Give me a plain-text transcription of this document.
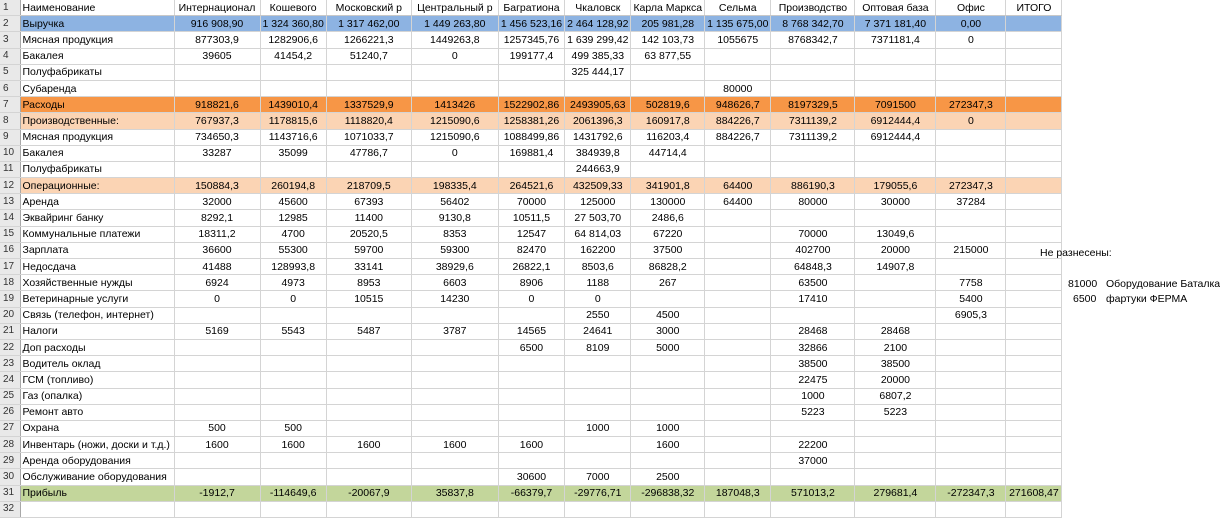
1	Наименование	Интернационал	Кошевого	Московский р	Центральный р	Багратиона	Чкаловск	Карла Маркса	Сельма	Производство	Оптовая база	Офис	ИТОГО
2	Выручка	916 908,90	1 324 360,80	1 317 462,00	1 449 263,80	1 456 523,16	2 464 128,92	205 981,28	1 135 675,00	8 768 342,70	7 371 181,40	0,00	
3	Мясная продукция	877303,9	1282906,6	1266221,3	1449263,8	1257345,76	1 639 299,42	142 103,73	1055675	8768342,7	7371181,4	0	
4	Бакалея	39605	41454,2	51240,7	0	199177,4	499 385,33	63 877,55					
5	Полуфабрикаты						325 444,17						
6	Субаренда								80000				
7	Расходы	918821,6	1439010,4	1337529,9	1413426	1522902,86	2493905,63	502819,6	948626,7	8197329,5	7091500	272347,3	
8	Производственные:	767937,3	1178815,6	1118820,4	1215090,6	1258381,26	2061396,3	160917,8	884226,7	7311139,2	6912444,4	0	
9	Мясная продукция	734650,3	1143716,6	1071033,7	1215090,6	1088499,86	1431792,6	116203,4	884226,7	7311139,2	6912444,4		
10	Бакалея	33287	35099	47786,7	0	169881,4	384939,8	44714,4					
11	Полуфабрикаты						244663,9						
12	Операционные:	150884,3	260194,8	218709,5	198335,4	264521,6	432509,33	341901,8	64400	886190,3	179055,6	272347,3	
13	Аренда	32000	45600	67393	56402	70000	125000	130000	64400	80000	30000	37284	
14	Эквайринг банку	8292,1	12985	11400	9130,8	10511,5	27 503,70	2486,6					
15	Коммунальные платежи	18311,2	4700	20520,5	8353	12547	64 814,03	67220		70000	13049,6		
16	Зарплата	36600	55300	59700	59300	82470	162200	37500		402700	20000	215000	
17	Недосдача	41488	128993,8	33141	38929,6	26822,1	8503,6	86828,2		64848,3	14907,8		
18	Хозяйственные нужды	6924	4973	8953	6603	8906	1188	267		63500		7758	
19	Ветеринарные услуги	0	0	10515	14230	0	0			17410		5400	
20	Связь (телефон, интернет)						2550	4500				6905,3	
21	Налоги	5169	5543	5487	3787	14565	24641	3000		28468	28468		
22	Доп расходы					6500	8109	5000		32866	2100		
23	Водитель оклад									38500	38500		
24	ГСМ (топливо)									22475	20000		
25	Газ (опалка)									1000	6807,2		
26	Ремонт авто									5223	5223		
27	Охрана	500	500				1000	1000					
28	Инвентарь (ножи, доски и т.д.)	1600	1600	1600	1600	1600		1600		22200			
29	Аренда оборудования									37000			
30	Обслуживание оборудования					30600	7000	2500					
31	Прибыль	-1912,7	-114649,6	-20067,9	35837,8	-66379,7	-29776,71	-296838,32	187048,3	571013,2	279681,4	-272347,3	271608,47
32													
Не разнесены:
81000 Оборудование Баталка
6500 фартуки ФЕРМА
